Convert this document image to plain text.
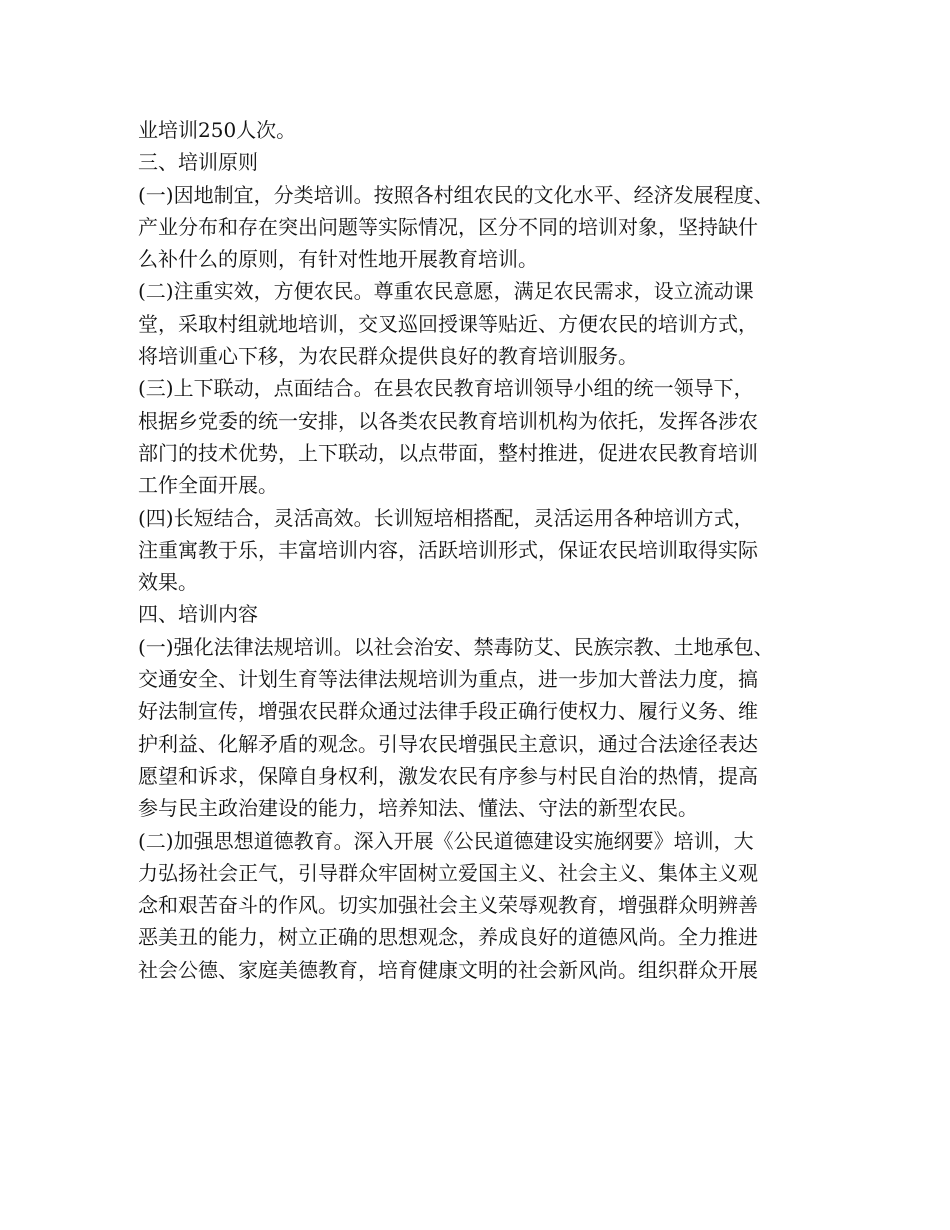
业培训250人次。
三、培训原则
(一)因地制宜，分类培训。按照各村组农民的文化水平、经济发展程度、
产业分布和存在突出问题等实际情况，区分不同的培训对象，坚持缺什
么补什么的原则，有针对性地开展教育培训。
(二)注重实效，方便农民。尊重农民意愿，满足农民需求，设立流动课
堂，采取村组就地培训，交叉巡回授课等贴近、方便农民的培训方式，
将培训重心下移，为农民群众提供良好的教育培训服务。
(三)上下联动，点面结合。在县农民教育培训领导小组的统一领导下，
根据乡党委的统一安排，以各类农民教育培训机构为依托，发挥各涉农
部门的技术优势，上下联动，以点带面，整村推进，促进农民教育培训
工作全面开展。
(四)长短结合，灵活高效。长训短培相搭配，灵活运用各种培训方式，
注重寓教于乐，丰富培训内容，活跃培训形式，保证农民培训取得实际
效果。
四、培训内容
(一)强化法律法规培训。以社会治安、禁毒防艾、民族宗教、土地承包、
交通安全、计划生育等法律法规培训为重点，进一步加大普法力度，搞
好法制宣传，增强农民群众通过法律手段正确行使权力、履行义务、维
护利益、化解矛盾的观念。引导农民增强民主意识，通过合法途径表达
愿望和诉求，保障自身权利，激发农民有序参与村民自治的热情，提高
参与民主政治建设的能力，培养知法、懂法、守法的新型农民。
(二)加强思想道德教育。深入开展《公民道德建设实施纲要》培训，大
力弘扬社会正气，引导群众牢固树立爱国主义、社会主义、集体主义观
念和艰苦奋斗的作风。切实加强社会主义荣辱观教育，增强群众明辨善
恶美丑的能力，树立正确的思想观念，养成良好的道德风尚。全力推进
社会公德、家庭美德教育，培育健康文明的社会新风尚。组织群众开展
